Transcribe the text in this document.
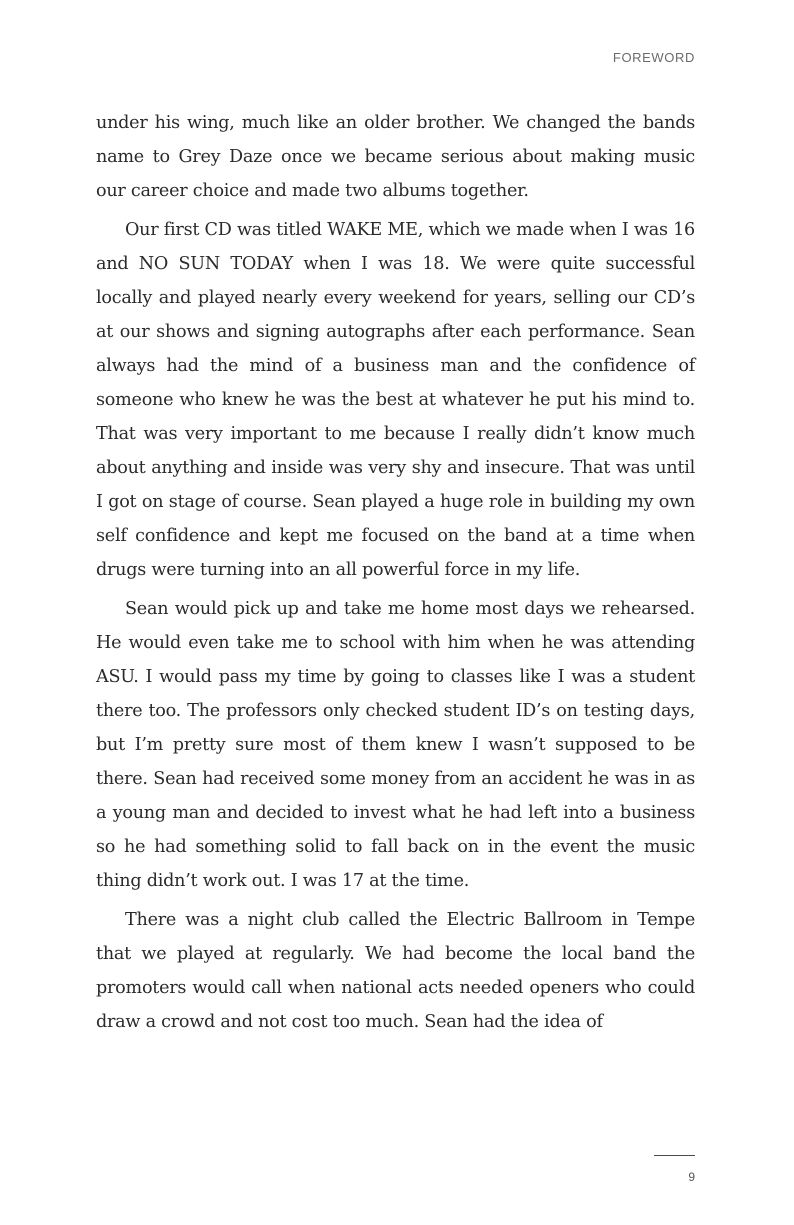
FOREWORD

under his wing, much like an older brother. We changed the bands name to Grey Daze once we became serious about making music our career choice and made two albums together.

Our first CD was titled WAKE ME, which we made when I was 16 and NO SUN TODAY when I was 18. We were quite successful locally and played nearly every weekend for years, selling our CD’s at our shows and signing autographs after each performance. Sean always had the mind of a business man and the confidence of someone who knew he was the best at whatever he put his mind to. That was very important to me because I really didn’t know much about anything and inside was very shy and insecure. That was until I got on stage of course. Sean played a huge role in building my own self confidence and kept me focused on the band at a time when drugs were turning into an all powerful force in my life.

Sean would pick up and take me home most days we rehearsed. He would even take me to school with him when he was attending ASU. I would pass my time by going to classes like I was a student there too. The professors only checked student ID’s on testing days, but I’m pretty sure most of them knew I wasn’t supposed to be there. Sean had received some money from an accident he was in as a young man and decided to invest what he had left into a business so he had something solid to fall back on in the event the music thing didn’t work out. I was 17 at the time.

There was a night club called the Electric Ballroom in Tempe that we played at regularly. We had become the local band the promoters would call when national acts needed openers who could draw a crowd and not cost too much. Sean had the idea of

9
